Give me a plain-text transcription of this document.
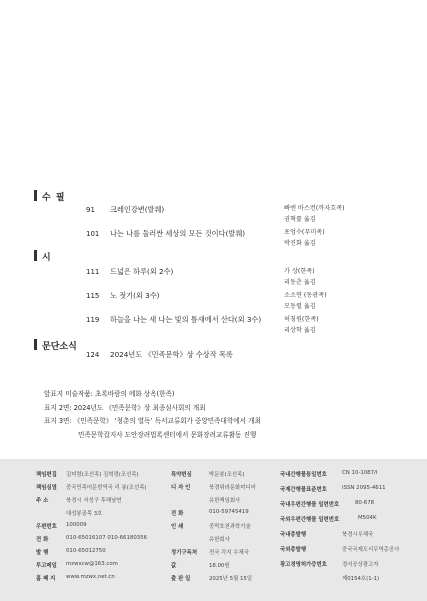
수 필
91	크레인강변(발췌)	빠엔 바스컨(까자흐족)
권혁률 옮김
101	나는 나를 둘러싼 세상의 모든 것이다(발췌)	포엉수(푸미족)
박진화 옮김
시
111	드넓은 하루(외 2수)	가 상(한족)
리동춘 옮김
115	노 젓기(외 3수)	소소연 (동광족)
모동렬 옮김
119	하늘을 나는 새 나는 빛의 틈새에서 산다(외 3수)	허칭원(한족)
리상학 옮김
문단소식
124	2024년도 《민족문학》상 수상작 목록
앞표지 미술작품: 초록바람의 메화 상옥(한족)
표지 2면: 2024년도 《민족문학》상 최종심사회의 개최
표지 3면: 《민족문학》 ‘청춘의 열독’ 독서교류회가 중앙민족대학에서 개최
민족문학잡지사 도안장려법록센터에서 문화장려교류활동 진행
책임편집 김미령(조선족) 김혁령(조선족)
책임심열 중국민족어문번역국 리 봉(조선족)
주 소	북경시 서성구 후해남연
대성봉골목 3호
우편번호 100009
전 화	010-65016107 010-66180356
발 행	010-65012750
투고메일 mzwxcw@163.com
홈 페 지 www.mzwx.net.cn
특약편심	박문봉(조선족)
디 자 인	북경위라문화미디어
유한책임회사
전 화	010-59745419
인 쇄	중막호천과학기술
유한회사
정기구독처 전국 각지 우체국
값	18.00원
출 판 일	2025년 5월 15일
국내간행물통일번호	CN 10-1087/I
국제간행물표준번호	ISSN 2095-4611
국내우편간행물 일련번호	80-678
국외우편간행물 일련번호	M504K
국내총발행	북경시우체국
국외총발행	중국국제도서무역총공사
광고경영허가증번호	경서공상광고자
제0154호(1-1)
